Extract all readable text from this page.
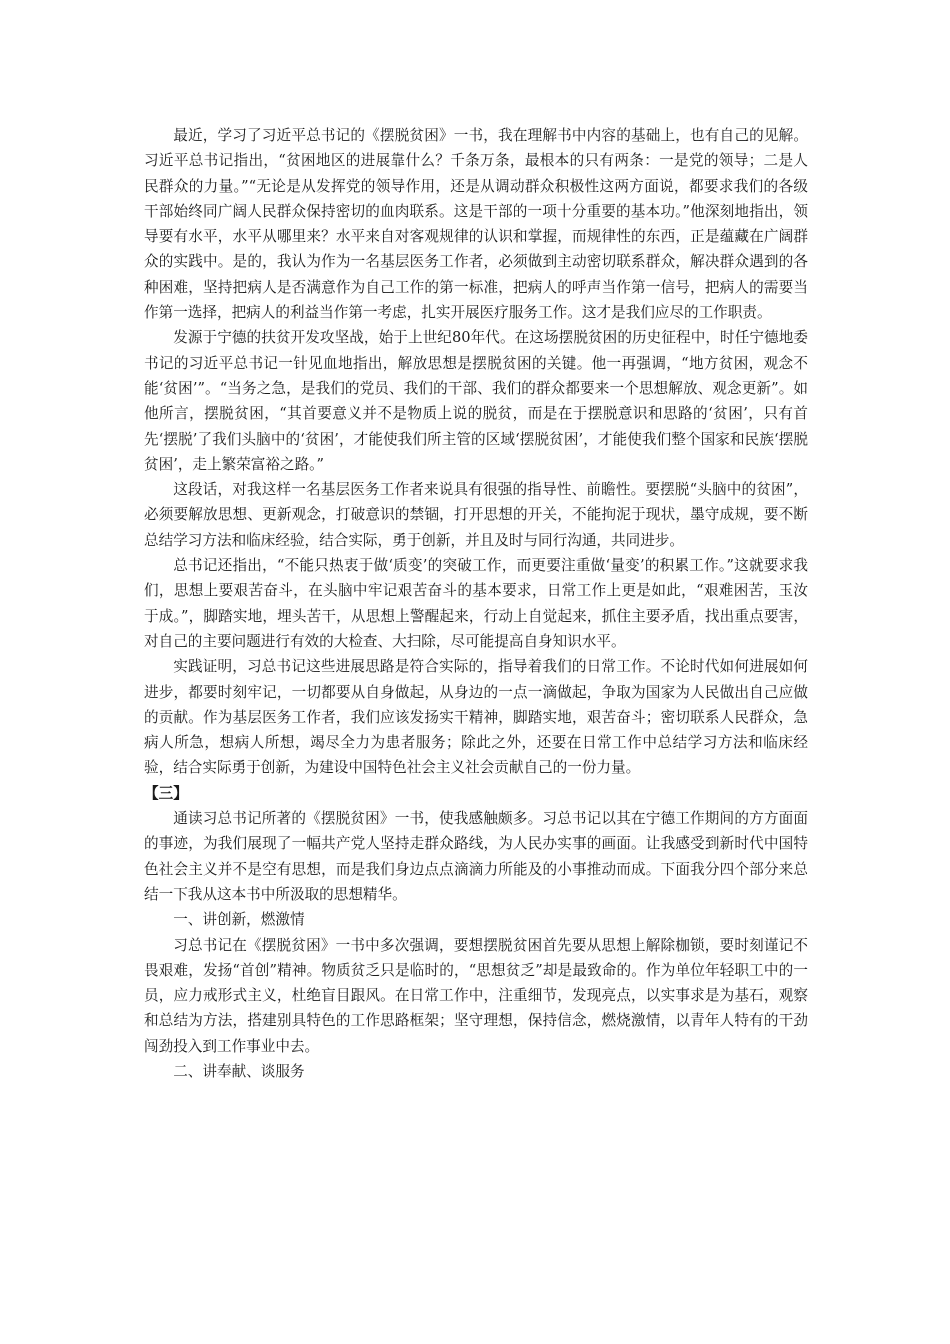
最近，学习了习近平总书记的《摆脱贫困》一书，我在理解书中内容的基础上，也有自己的见解。习近平总书记指出，“贫困地区的进展靠什么？千条万条，最根本的只有两条：一是党的领导；二是人民群众的力量。”“无论是从发挥党的领导作用，还是从调动群众积极性这两方面说，都要求我们的各级干部始终同广阔人民群众保持密切的血肉联系。这是干部的一项十分重要的基本功。”他深刻地指出，领导要有水平，水平从哪里来？水平来自对客观规律的认识和掌握，而规律性的东西，正是蕴藏在广阔群众的实践中。是的，我认为作为一名基层医务工作者，必须做到主动密切联系群众，解决群众遇到的各种困难，坚持把病人是否满意作为自己工作的第一标准，把病人的呼声当作第一信号，把病人的需要当作第一选择，把病人的利益当作第一考虑，扎实开展医疗服务工作。这才是我们应尽的工作职责。

发源于宁德的扶贫开发攻坚战，始于上世纪80年代。在这场摆脱贫困的历史征程中，时任宁德地委书记的习近平总书记一针见血地指出，解放思想是摆脱贫困的关键。他一再强调，“地方贫困，观念不能‘贫困’”。“当务之急，是我们的党员、我们的干部、我们的群众都要来一个思想解放、观念更新”。如他所言，摆脱贫困，“其首要意义并不是物质上说的脱贫，而是在于摆脱意识和思路的‘贫困’，只有首先‘摆脱’了我们头脑中的‘贫困’，才能使我们所主管的区域‘摆脱贫困’，才能使我们整个国家和民族‘摆脱贫困’，走上繁荣富裕之路。”

这段话，对我这样一名基层医务工作者来说具有很强的指导性、前瞻性。要摆脱“头脑中的贫困”，必须要解放思想、更新观念，打破意识的禁锢，打开思想的开关，不能拘泥于现状，墨守成规，要不断总结学习方法和临床经验，结合实际，勇于创新，并且及时与同行沟通，共同进步。

总书记还指出，“不能只热衷于做‘质变’的突破工作，而更要注重做‘量变’的积累工作。”这就要求我们，思想上要艰苦奋斗，在头脑中牢记艰苦奋斗的基本要求，日常工作上更是如此，“艰难困苦，玉汝于成。”，脚踏实地，埋头苦干，从思想上警醒起来，行动上自觉起来，抓住主要矛盾，找出重点要害，对自己的主要问题进行有效的大检查、大扫除，尽可能提高自身知识水平。

实践证明，习总书记这些进展思路是符合实际的，指导着我们的日常工作。不论时代如何进展如何进步，都要时刻牢记，一切都要从自身做起，从身边的一点一滴做起，争取为国家为人民做出自己应做的贡献。作为基层医务工作者，我们应该发扬实干精神，脚踏实地，艰苦奋斗；密切联系人民群众，急病人所急，想病人所想，竭尽全力为患者服务；除此之外，还要在日常工作中总结学习方法和临床经验，结合实际勇于创新，为建设中国特色社会主义社会贡献自己的一份力量。

【三】

通读习总书记所著的《摆脱贫困》一书，使我感触颇多。习总书记以其在宁德工作期间的方方面面的事迹，为我们展现了一幅共产党人坚持走群众路线，为人民办实事的画面。让我感受到新时代中国特色社会主义并不是空有思想，而是我们身边点点滴滴力所能及的小事推动而成。下面我分四个部分来总结一下我从这本书中所汲取的思想精华。

一、讲创新，燃激情

习总书记在《摆脱贫困》一书中多次强调，要想摆脱贫困首先要从思想上解除枷锁，要时刻谨记不畏艰难，发扬“首创”精神。物质贫乏只是临时的，“思想贫乏”却是最致命的。作为单位年轻职工中的一员，应力戒形式主义，杜绝盲目跟风。在日常工作中，注重细节，发现亮点，以实事求是为基石，观察和总结为方法，搭建别具特色的工作思路框架；坚守理想，保持信念，燃烧激情，以青年人特有的干劲闯劲投入到工作事业中去。

二、讲奉献、谈服务
